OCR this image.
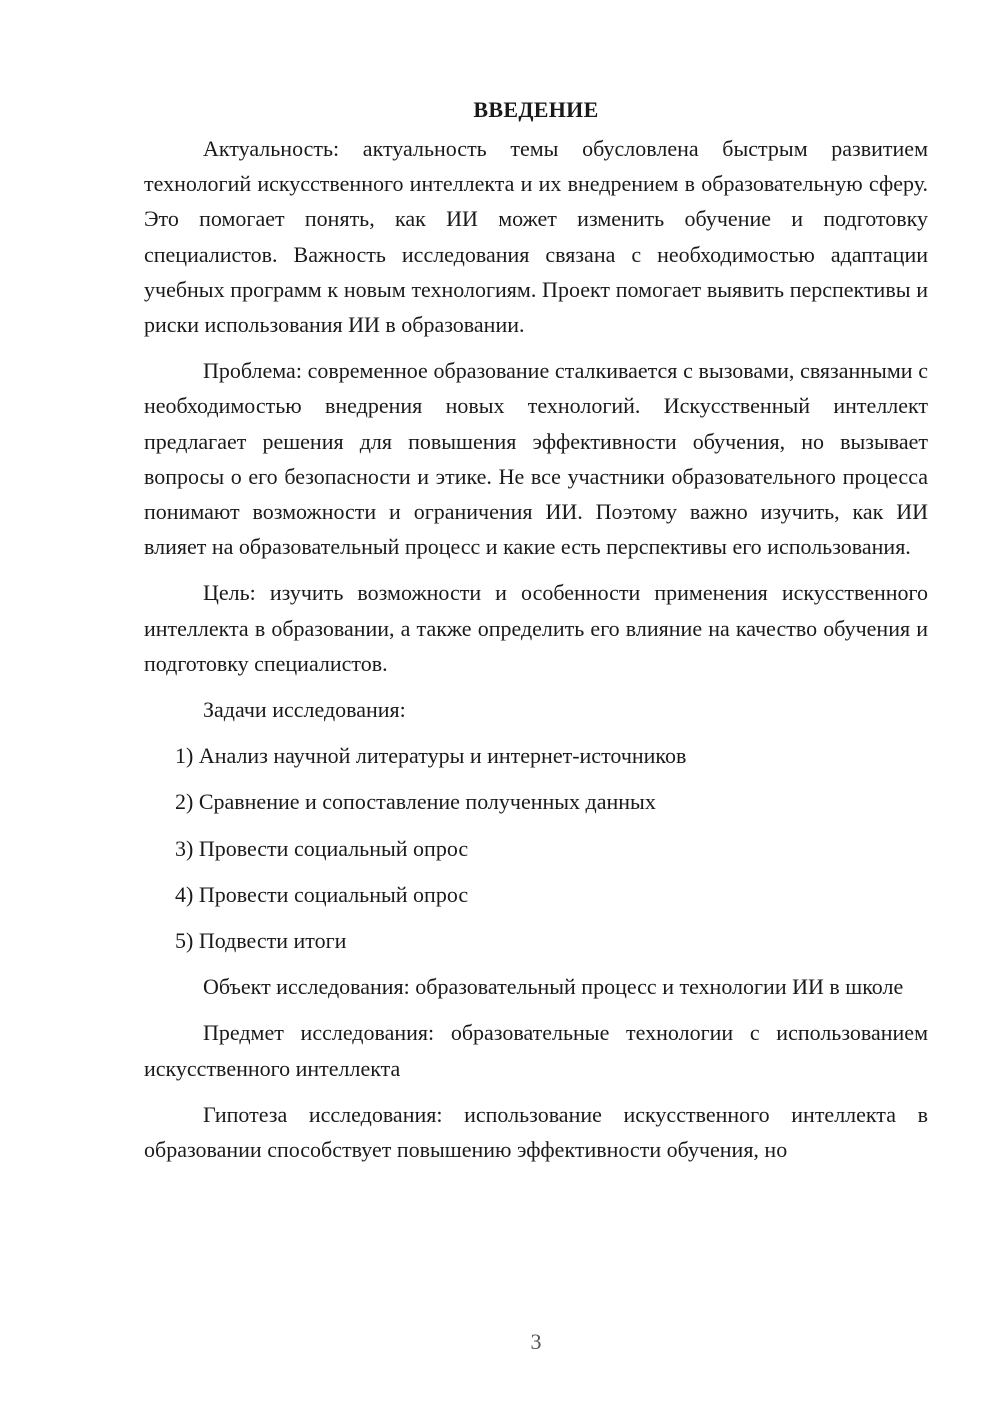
ВВЕДЕНИЕ

Актуальность: актуальность темы обусловлена быстрым развитием технологий искусственного интеллекта и их внедрением в образовательную сферу. Это помогает понять, как ИИ может изменить обучение и подготовку специалистов. Важность исследования связана с необходимостью адаптации учебных программ к новым технологиям. Проект помогает выявить перспективы и риски использования ИИ в образовании.

Проблема: современное образование сталкивается с вызовами, связанными с необходимостью внедрения новых технологий. Искусственный интеллект предлагает решения для повышения эффективности обучения, но вызывает вопросы о его безопасности и этике. Не все участники образовательного процесса понимают возможности и ограничения ИИ. Поэтому важно изучить, как ИИ влияет на образовательный процесс и какие есть перспективы его использования.

Цель: изучить возможности и особенности применения искусственного интеллекта в образовании, а также определить его влияние на качество обучения и подготовку специалистов.

Задачи исследования:

1) Анализ научной литературы и интернет-источников
2) Сравнение и сопоставление полученных данных
3) Провести социальный опрос
4) Провести социальный опрос
5) Подвести итоги

Объект исследования: образовательный процесс и технологии ИИ в школе

Предмет исследования: образовательные технологии с использованием искусственного интеллекта

Гипотеза исследования: использование искусственного интеллекта в образовании способствует повышению эффективности обучения, но

3
